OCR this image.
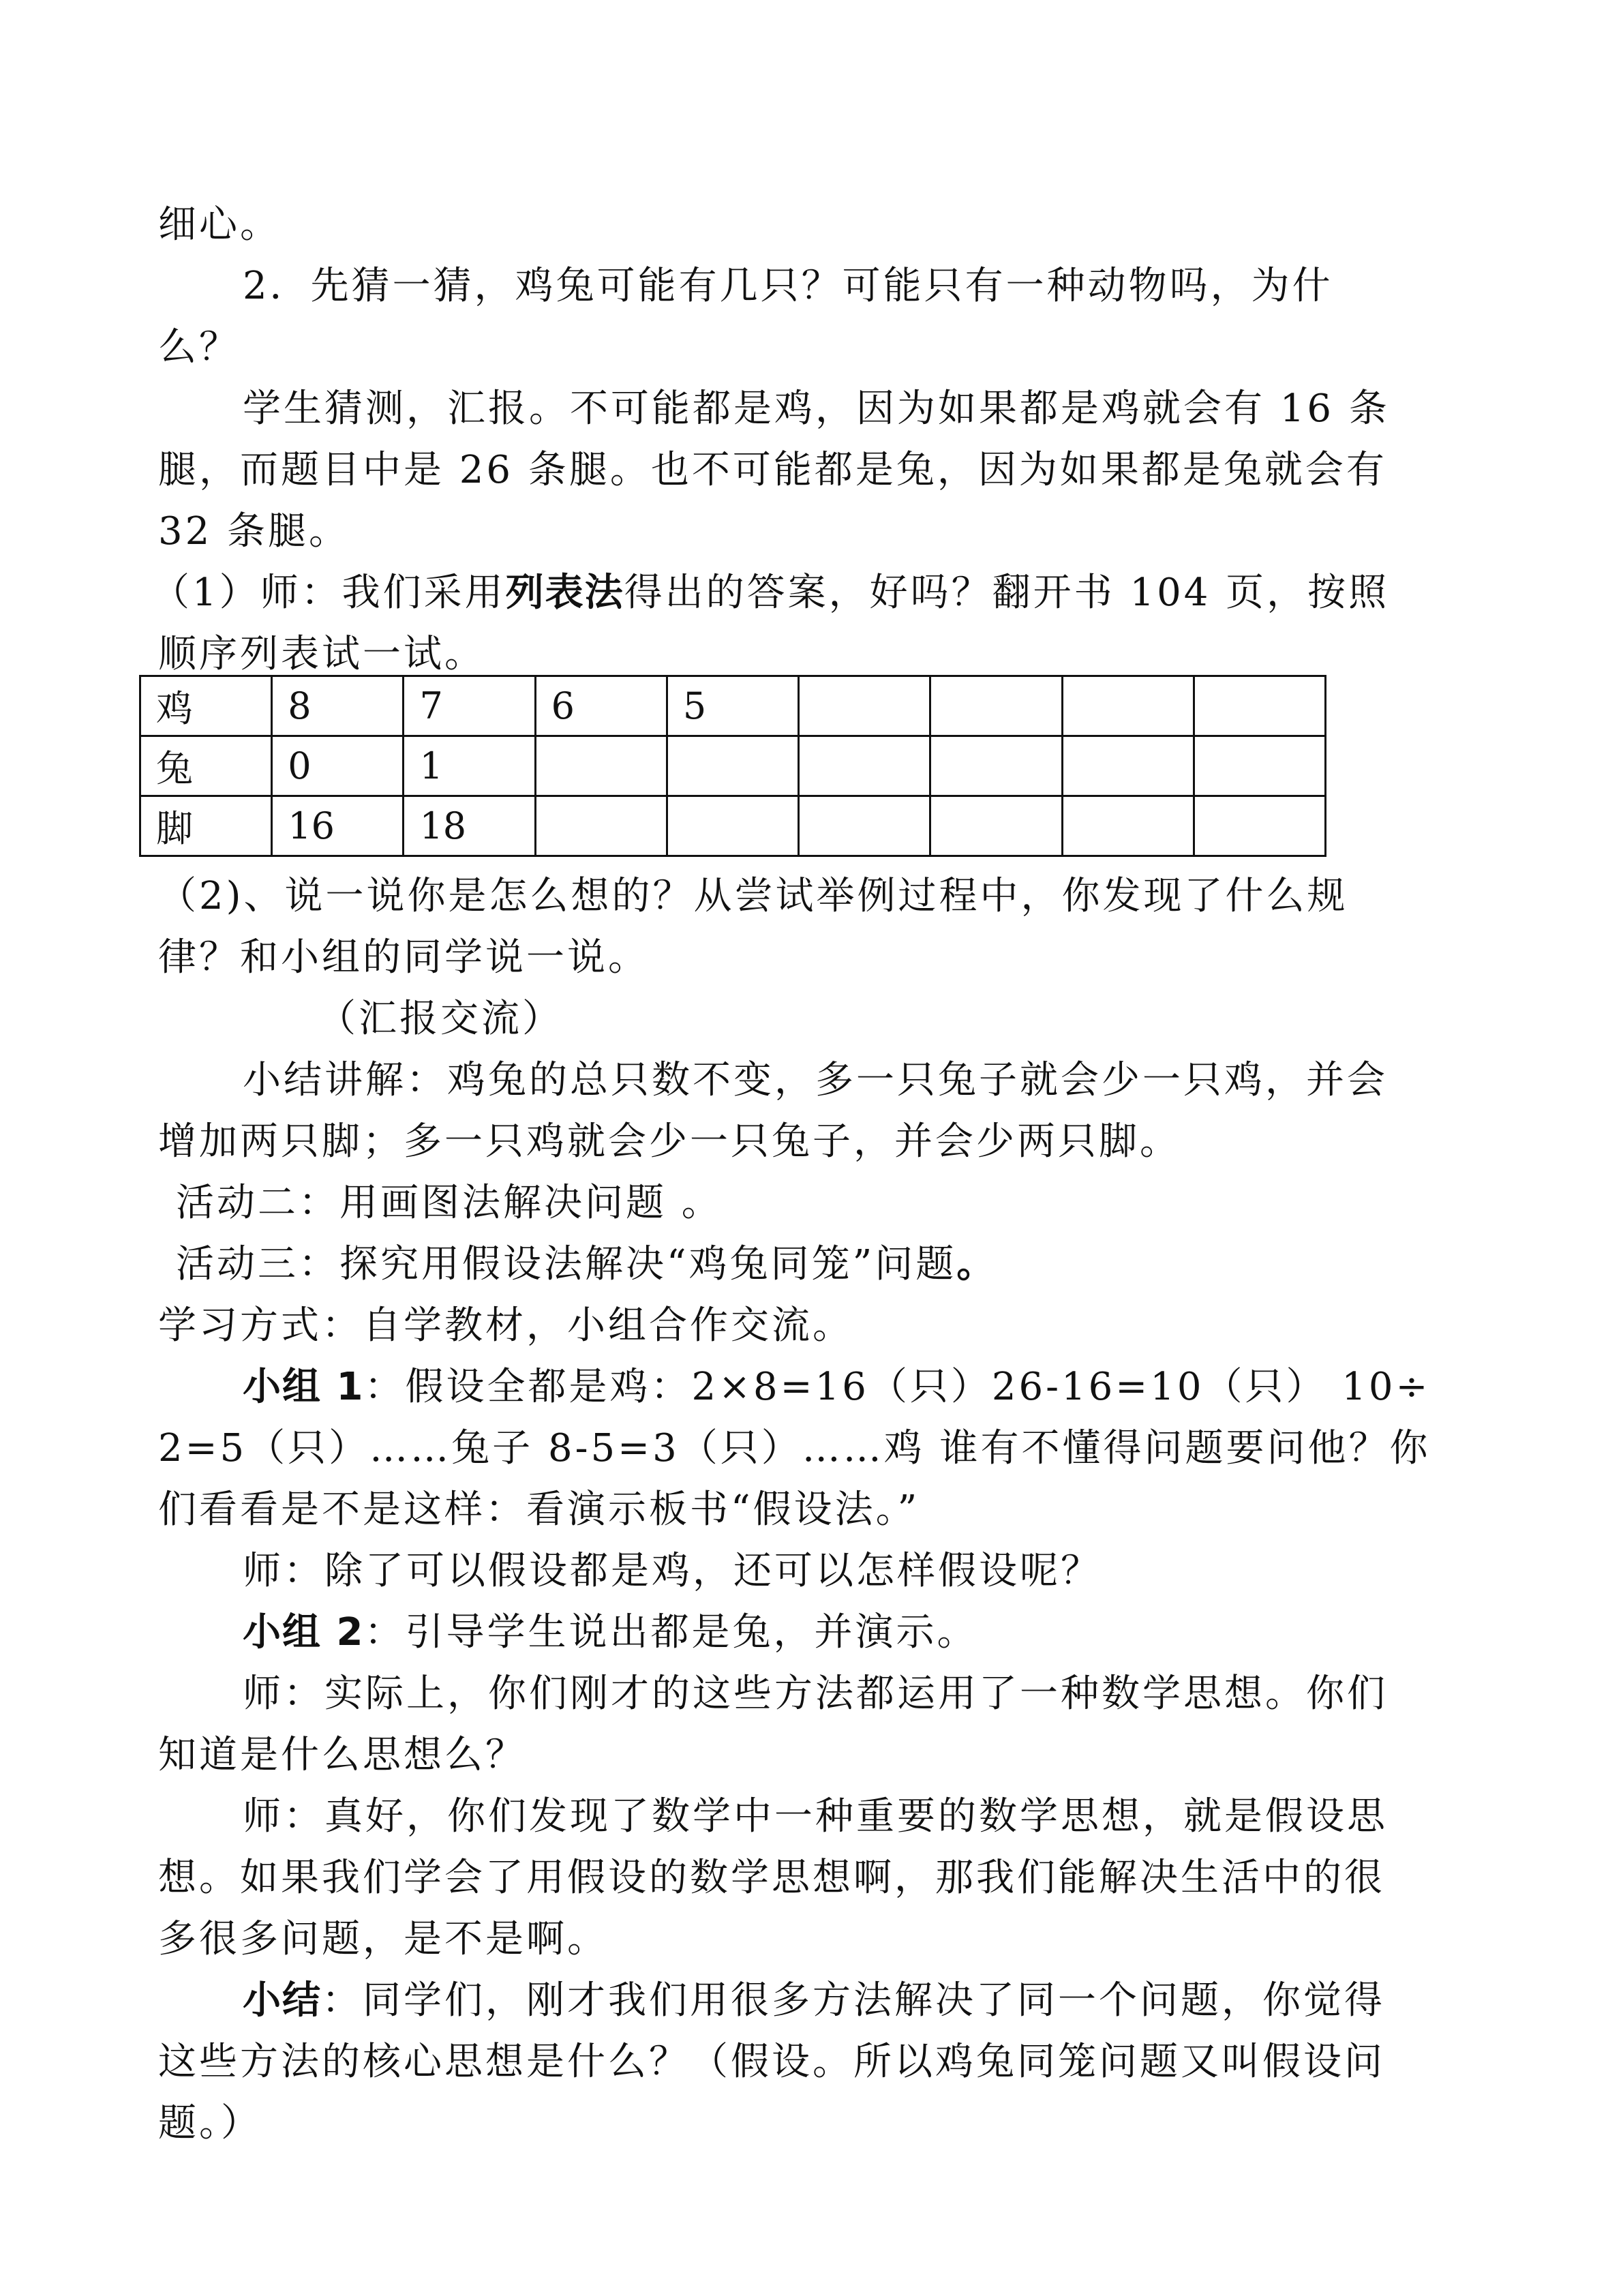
细心。
2．先猜一猜，鸡兔可能有几只？可能只有一种动物吗，为什
么？
学生猜测，汇报。不可能都是鸡，因为如果都是鸡就会有 16 条
腿，而题目中是 26 条腿。也不可能都是兔，因为如果都是兔就会有
32 条腿。
（1）师：我们采用列表法得出的答案，好吗？翻开书 104 页，按照
顺序列表试一试。
鸡	8	7	6	5				
兔	0	1						
脚	16	18						
（2)、说一说你是怎么想的？从尝试举例过程中，你发现了什么规
律？和小组的同学说一说。
（汇报交流）
小结讲解：鸡兔的总只数不变，多一只兔子就会少一只鸡，并会
增加两只脚；多一只鸡就会少一只兔子，并会少两只脚。
活动二：用画图法解决问题 。
活动三：探究用假设法解决“鸡兔同笼”问题。
学习方式：自学教材，小组合作交流。
小组 1：假设全都是鸡：2×8=16（只）26-16=10（只） 10÷
2=5（只）……兔子 8-5=3（只）……鸡 谁有不懂得问题要问他？你
们看看是不是这样：看演示板书“假设法。”
师：除了可以假设都是鸡，还可以怎样假设呢？
小组 2：引导学生说出都是兔，并演示。
师：实际上，你们刚才的这些方法都运用了一种数学思想。你们
知道是什么思想么？
师：真好，你们发现了数学中一种重要的数学思想，就是假设思
想。如果我们学会了用假设的数学思想啊，那我们能解决生活中的很
多很多问题，是不是啊。
小结：同学们，刚才我们用很多方法解决了同一个问题，你觉得
这些方法的核心思想是什么？（假设。所以鸡兔同笼问题又叫假设问
题。）
